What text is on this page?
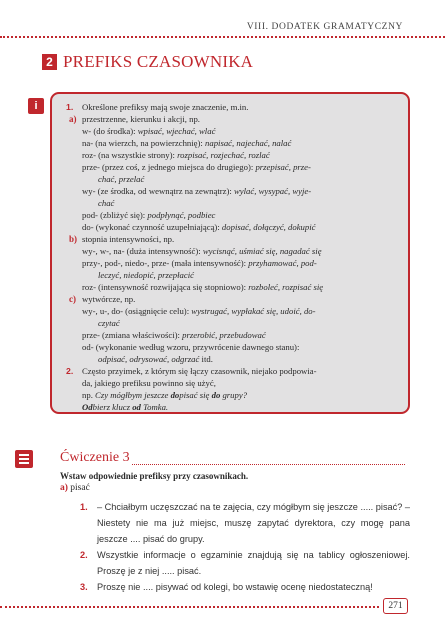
VIII. DODATEK GRAMATYCZNY
2 PREFIKS CZASOWNIKA
i	1. Określone prefiksy mają swoje znaczenie, m.in.
a) przestrzenne, kierunku i akcji, np.
w- (do środka): wpisać, wjechać, wlać
na- (na wierzch, na powierzchnię): napisać, najechać, nalać
roz- (na wszystkie strony): rozpisać, rozjechać, rozlać
prze- (przez coś, z jednego miejsca do drugiego): przepisać, prze-
chać, przelać
wy- (ze środka, od wewnątrz na zewnątrz): wylać, wysypać, wyje-
chać
pod- (zbliżyć się): podpłynąć, podbiec
do- (wykonać czynność uzupełniającą): dopisać, dołączyć, dokupić
b) stopnia intensywności, np.
wy-, w-, na- (duża intensywność): wycisnąć, uśmiać się, nagadać się
przy-, pod-, niedo-, prze- (mała intensywność): przyhamować, pod-
leczyć, niedopić, przepłacić
roz- (intensywność rozwijająca się stopniowo): rozboleć, rozpisać się
c) wytwórcze, np.
wy-, u-, do- (osiągnięcie celu): wystrugać, wypłakać się, udoić, do-
czytać
prze- (zmiana właściwości): przerobić, przebudować
od- (wykonanie według wzoru, przywrócenie dawnego stanu):
odpisać, odrysować, odgrzać itd.
2. Często przyimek, z którym się łączy czasownik, niejako podpowia-
da, jakiego prefiksu powinno się użyć,
np. Czy mógłbym jeszcze dopisać się do grupy?
Odbierz klucz od Tomka.
Ćwiczenie 3
Wstaw odpowiednie prefiksy przy czasownikach.
a) pisać
1. – Chciałbym uczęszczać na te zajęcia, czy mógłbym się jeszcze ..... pisać? – Niestety nie ma już miejsc, muszę zapytać dyrektora, czy mogę pana jeszcze .... pisać do grupy.
2. Wszystkie informacje o egzaminie znajdują się na tablicy ogłoszeniowej. Proszę je z niej ..... pisać.
3. Proszę nie .... pisywać od kolegi, bo wstawię ocenę niedostateczną!
271
